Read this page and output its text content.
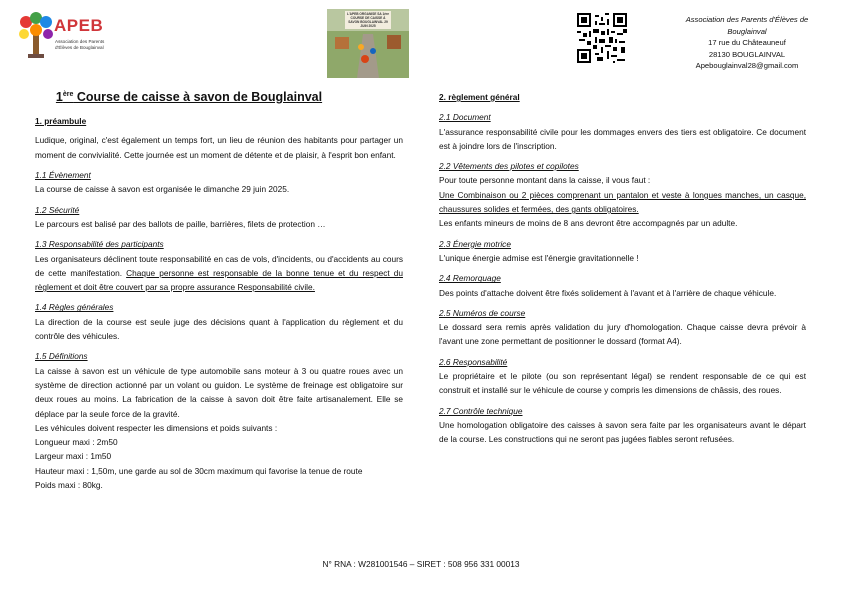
APEB
Association des Parents d'Élèves de Bouglainval
L'APEB ORGANISE SA 1ère COURSE DE CAISSE À SAVON BOUGLAINVAL 29 JUIN 2025
Association des Parents d'Élèves de Bouglainval
17 rue du Châteauneuf
28130 BOUGLAINVAL
Apebouglainval28@gmail.com
1ère Course de caisse à savon de Bouglainval
1. préambule

Ludique, original, c'est également un temps fort, un lieu de réunion des habitants pour partager un moment de convivialité. Cette journée est un moment de détente et de plaisir, à l'esprit bon enfant.

1.1 Évènement

La course de caisse à savon est organisée le dimanche 29 juin 2025.

1.2 Sécurité

Le parcours est balisé par des ballots de paille, barrières, filets de protection …

1.3 Responsabilité des participants

Les organisateurs déclinent toute responsabilité en cas de vols, d'incidents, ou d'accidents au cours de cette manifestation. Chaque personne est responsable de la bonne tenue et du respect du règlement et doit être couvert par sa propre assurance Responsabilité civile.

1.4 Règles générales

La direction de la course est seule juge des décisions quant à l'application du règlement et du contrôle des véhicules.

1.5 Définitions

La caisse à savon est un véhicule de type automobile sans moteur à 3 ou quatre roues avec un système de direction actionné par un volant ou guidon. Le système de freinage est obligatoire sur deux roues au moins. La fabrication de la caisse à savon doit être faite artisanalement. Elle se déplace par la seule force de la gravité.

Les véhicules doivent respecter les dimensions et poids suivants :
Longueur maxi : 2m50
Largeur maxi : 1m50
Hauteur maxi : 1,50m, une garde au sol de 30cm maximum qui favorise la tenue de route
Poids maxi : 80kg.
2. règlement général
2.1 Document

L'assurance responsabilité civile pour les dommages envers des tiers est obligatoire. Ce document est à joindre lors de l'inscription.

2.2 Vêtements des pilotes et copilotes

Pour toute personne montant dans la caisse, il vous faut :

Une Combinaison ou 2 pièces comprenant un pantalon et veste à longues manches, un casque, chaussures solides et fermées, des gants obligatoires.

Les enfants mineurs de moins de 8 ans devront être accompagnés par un adulte.

2.3 Énergie motrice

L'unique énergie admise est l'énergie gravitationnelle !

2.4 Remorquage

Des points d'attache doivent être fixés solidement à l'avant et à l'arrière de chaque véhicule.

2.5 Numéros de course

Le dossard sera remis après validation du jury d'homologation. Chaque caisse devra prévoir à l'avant une zone permettant de positionner le dossard (format A4).

2.6 Responsabilité

Le propriétaire et le pilote (ou son représentant légal) se rendent responsable de ce qui est construit et installé sur le véhicule de course y compris les dimensions de châssis, des roues.

2.7 Contrôle technique

Une homologation obligatoire des caisses à savon sera faite par les organisateurs avant le départ de la course. Les constructions qui ne seront pas jugées fiables seront refusées.

N° RNA : W281001546 – SIRET : 508 956 331 00013
